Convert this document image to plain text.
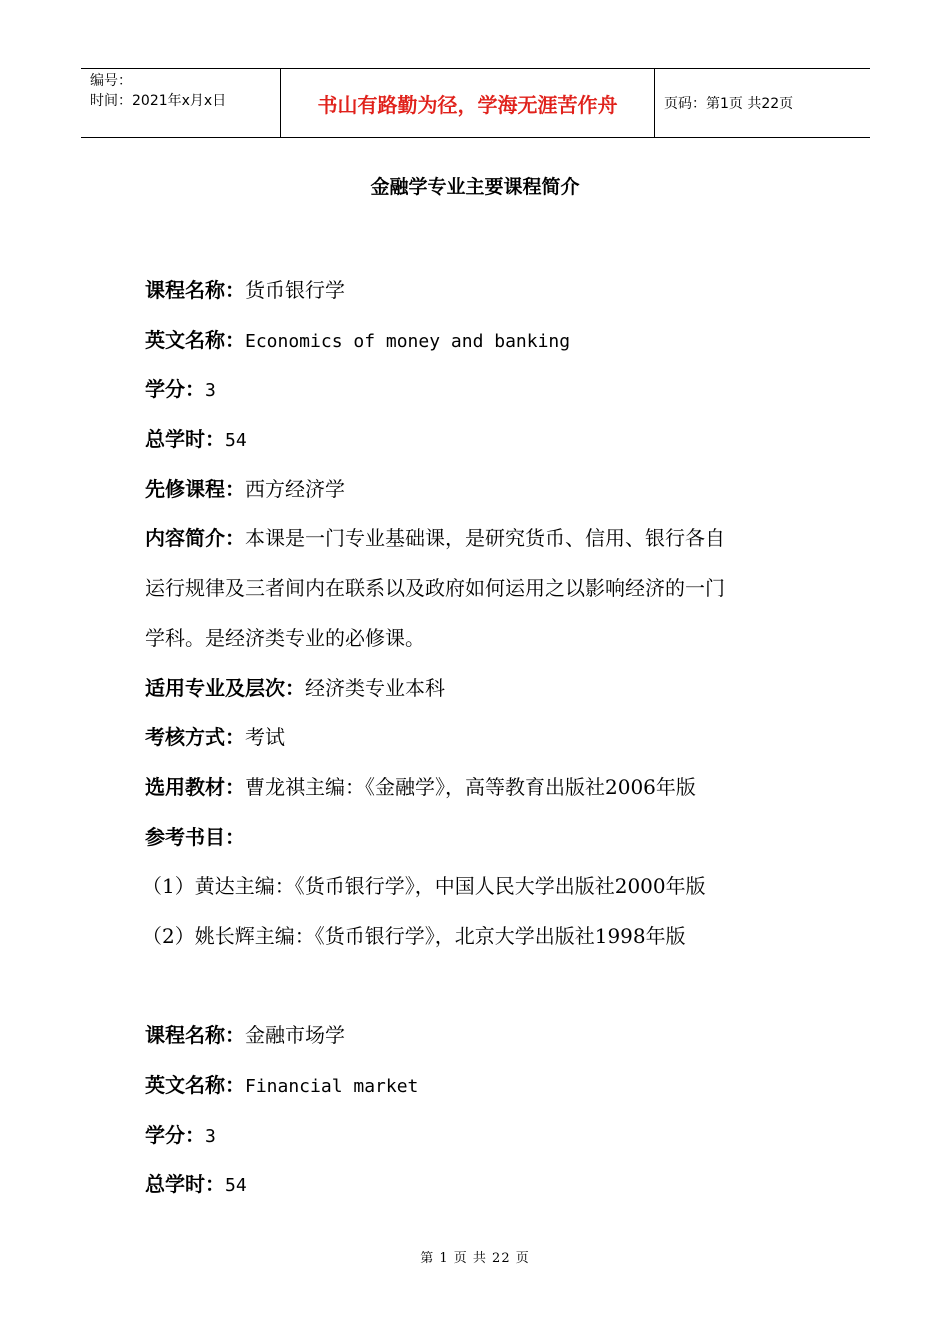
编号：
时间：2021年x月x日	书山有路勤为径，学海无涯苦作舟	页码：第1页 共22页
金融学专业主要课程简介
课程名称：货币银行学
英文名称：Economics of money and banking
学分：3
总学时：54
先修课程：西方经济学
内容简介：本课是一门专业基础课，是研究货币、信用、银行各自
运行规律及三者间内在联系以及政府如何运用之以影响经济的一门
学科。是经济类专业的必修课。
适用专业及层次：经济类专业本科
考核方式：考试
选用教材：曹龙祺主编：《金融学》，高等教育出版社2006年版
参考书目：
（1）黄达主编：《货币银行学》，中国人民大学出版社2000年版
（2）姚长辉主编：《货币银行学》，北京大学出版社1998年版
课程名称：金融市场学
英文名称：Financial market
学分：3
总学时：54
第 1 页 共 22 页
